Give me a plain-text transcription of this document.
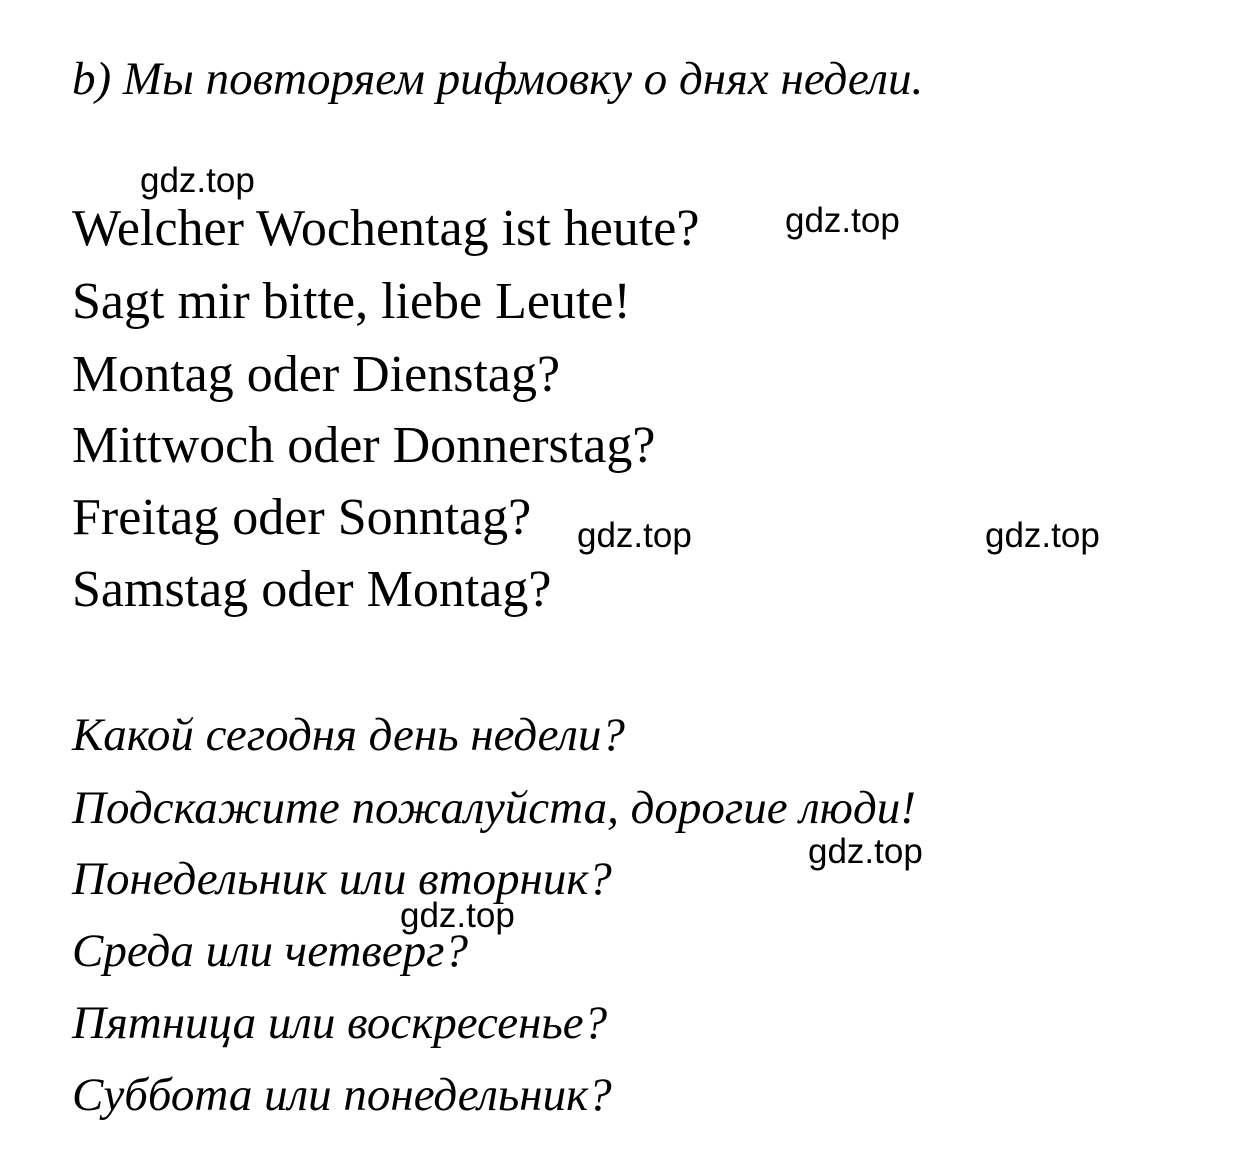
b) Мы повторяем рифмовку о днях недели.
Welcher Wochentag ist heute?
Sagt mir bitte, liebe Leute!
Montag oder Dienstag?
Mittwoch oder Donnerstag?
Freitag oder Sonntag?
Samstag oder Montag?
Какой сегодня день недели?
Подскажите пожалуйста, дорогие люди!
Понедельник или вторник?
Среда или четверг?
Пятница или воскресенье?
Суббота или понедельник?
gdz.top
gdz.top
gdz.top	gdz.top
gdz.top
gdz.top
